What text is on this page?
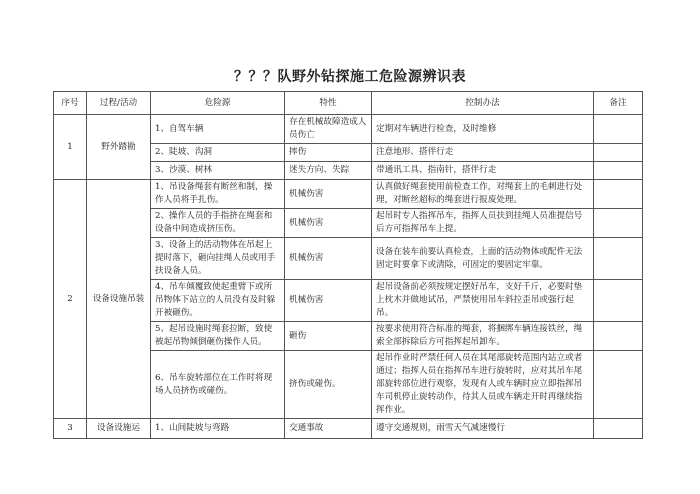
？？？队野外钻探施工危险源辨识表
序号	过程/活动	危险源	特性	控制办法	备注
1	野外踏勘	1、自驾车辆	存在机械故障造成人员伤亡	定期对车辆进行检查，及时维修	
		2、陡坡、沟洞	摔伤	注意地形、搭伴行走	
		3、沙漠、树林	迷失方向、失踪	带通讯工具、指南针，搭伴行走	
2	设备设施吊装	1、吊设备绳套有断丝和制，操作人员将手扎伤。	机械伤害	认真做好绳套使用前检查工作，对绳套上的毛刺进行处理，对断丝超标的绳套进行报废处理。	
		2、操作人员的手指挤在绳套和设备中间造成挤压伤。	机械伤害	起吊时专人指挥吊车，指挥人员扶到挂绳人员准提信号后方可指挥吊车上提。	
		3、设备上的活动物体在吊起上提时落下，砸向挂绳人员或用手扶设备人员。	机械伤害	设备在装车前要认真检查，上面的活动物体或配件无法固定时要拿下或清除，可固定的要固定牢靠。	
		4、吊车倾覆致使起重臂下或所吊物体下站立的人员没有及时躲开被砸伤。	机械伤害	起吊设备前必须按规定摆好吊车，支好千斤，必要时垫上枕木并做地试吊，严禁使用吊车斜拉歪吊或强行起吊。	
		5、起吊设施时绳套拉断，致使被起吊物倾倒砸伤操作人员。	砸伤	按要求使用符合标准的绳套，将捆绑车辆连接铁丝，绳索全部拆除后方可指挥起吊卸车。	
		6、吊车旋转部位在工作时将现场人员挤伤或碰伤。	挤伤或碰伤。	起吊作业时严禁任何人员在其尾部旋转范围内站立或者通过；指挥人员在指挥吊车进行旋转时，应对其吊车尾部旋转部位进行观察，发现有人或车辆时应立即指挥吊车司机停止旋转动作，待其人员或车辆走开时再继续指挥作业。	
3	设备设施运	1、山间陡坡与弯路	交通事故	遵守交通规则，雨雪天气减速慢行	
